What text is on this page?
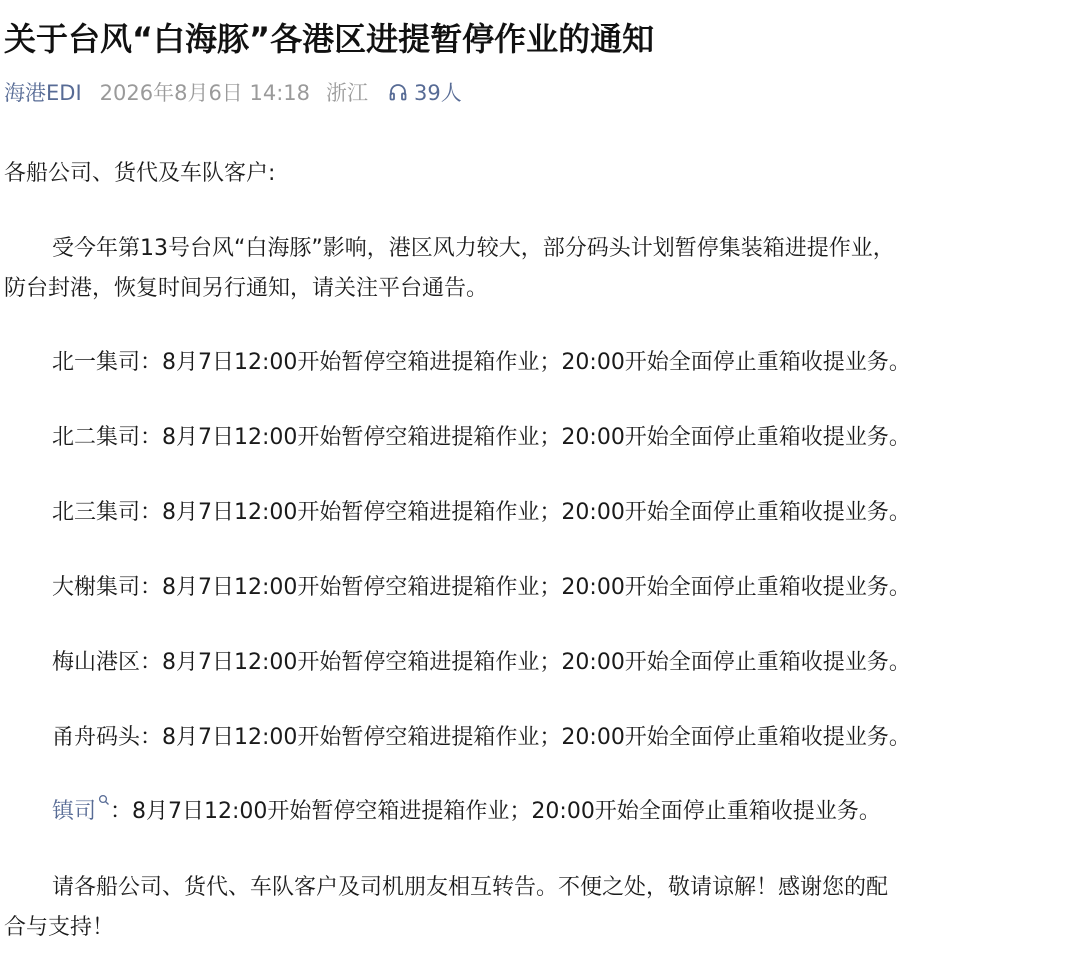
关于台风“白海豚”各港区进提暂停作业的通知
海港EDI 2026年8月6日 14:18 浙江 39人
各船公司、货代及车队客户:
受今年第13号台风“白海豚”影响，港区风力较大，部分码头计划暂停集装箱进提作业，
防台封港，恢复时间另行通知，请关注平台通告。
北一集司：8月7日12:00开始暂停空箱进提箱作业；20:00开始全面停止重箱收提业务。
北二集司：8月7日12:00开始暂停空箱进提箱作业；20:00开始全面停止重箱收提业务。
北三集司：8月7日12:00开始暂停空箱进提箱作业；20:00开始全面停止重箱收提业务。
大榭集司：8月7日12:00开始暂停空箱进提箱作业；20:00开始全面停止重箱收提业务。
梅山港区：8月7日12:00开始暂停空箱进提箱作业；20:00开始全面停止重箱收提业务。
甬舟码头：8月7日12:00开始暂停空箱进提箱作业；20:00开始全面停止重箱收提业务。
镇司 ：8月7日12:00开始暂停空箱进提箱作业；20:00开始全面停止重箱收提业务。
请各船公司、货代、车队客户及司机朋友相互转告。不便之处，敬请谅解！感谢您的配
合与支持！
